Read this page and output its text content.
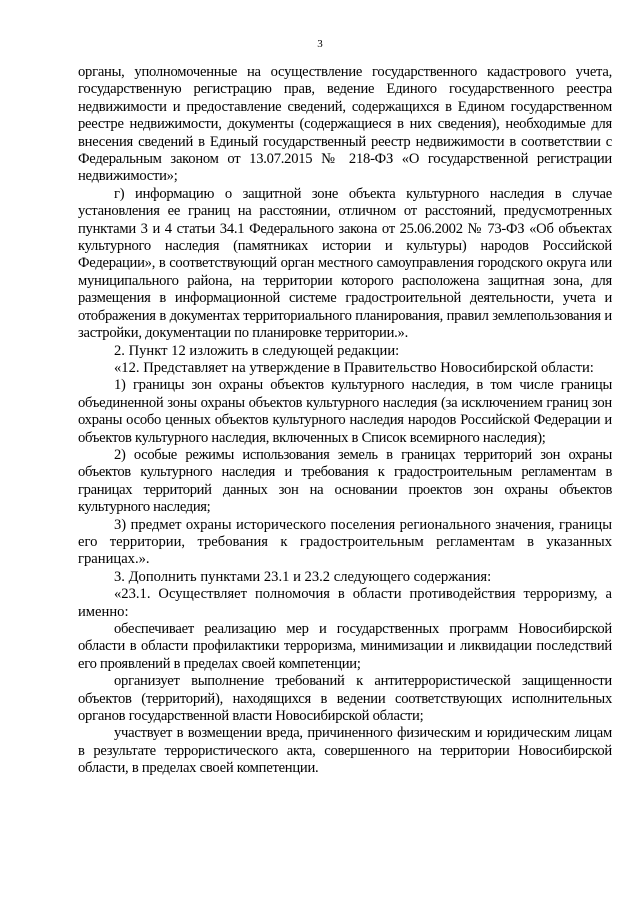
3

органы, уполномоченные на осуществление государственного кадастрового учета, государственную регистрацию прав, ведение Единого государственного реестра недвижимости и предоставление сведений, содержащихся в Едином государственном реестре недвижимости, документы (содержащиеся в них сведения), необходимые для внесения сведений в Единый государственный реестр недвижимости в соответствии с Федеральным законом от 13.07.2015 № 218-ФЗ «О государственной регистрации недвижимости»;

г) информацию о защитной зоне объекта культурного наследия в случае установления ее границ на расстоянии, отличном от расстояний, предусмотренных пунктами 3 и 4 статьи 34.1 Федерального закона от 25.06.2002 № 73-ФЗ «Об объектах культурного наследия (памятниках истории и культуры) народов Российской Федерации», в соответствующий орган местного самоуправления городского округа или муниципального района, на территории которого расположена защитная зона, для размещения в информационной системе градостроительной деятельности, учета и отображения в документах территориального планирования, правил землепользования и застройки, документации по планировке территории.».

2. Пункт 12 изложить в следующей редакции:

«12. Представляет на утверждение в Правительство Новосибирской области:

1) границы зон охраны объектов культурного наследия, в том числе границы объединенной зоны охраны объектов культурного наследия (за исключением границ зон охраны особо ценных объектов культурного наследия народов Российской Федерации и объектов культурного наследия, включенных в Список всемирного наследия);

2) особые режимы использования земель в границах территорий зон охраны объектов культурного наследия и требования к градостроительным регламентам в границах территорий данных зон на основании проектов зон охраны объектов культурного наследия;

3) предмет охраны исторического поселения регионального значения, границы его территории, требования к градостроительным регламентам в указанных границах.».

3. Дополнить пунктами 23.1 и 23.2 следующего содержания:

«23.1. Осуществляет полномочия в области противодействия терроризму, а именно:

обеспечивает реализацию мер и государственных программ Новосибирской области в области профилактики терроризма, минимизации и ликвидации последствий его проявлений в пределах своей компетенции;

организует выполнение требований к антитеррористической защищенности объектов (территорий), находящихся в ведении соответствующих исполнительных органов государственной власти Новосибирской области;

участвует в возмещении вреда, причиненного физическим и юридическим лицам в результате террористического акта, совершенного на территории Новосибирской области, в пределах своей компетенции.
